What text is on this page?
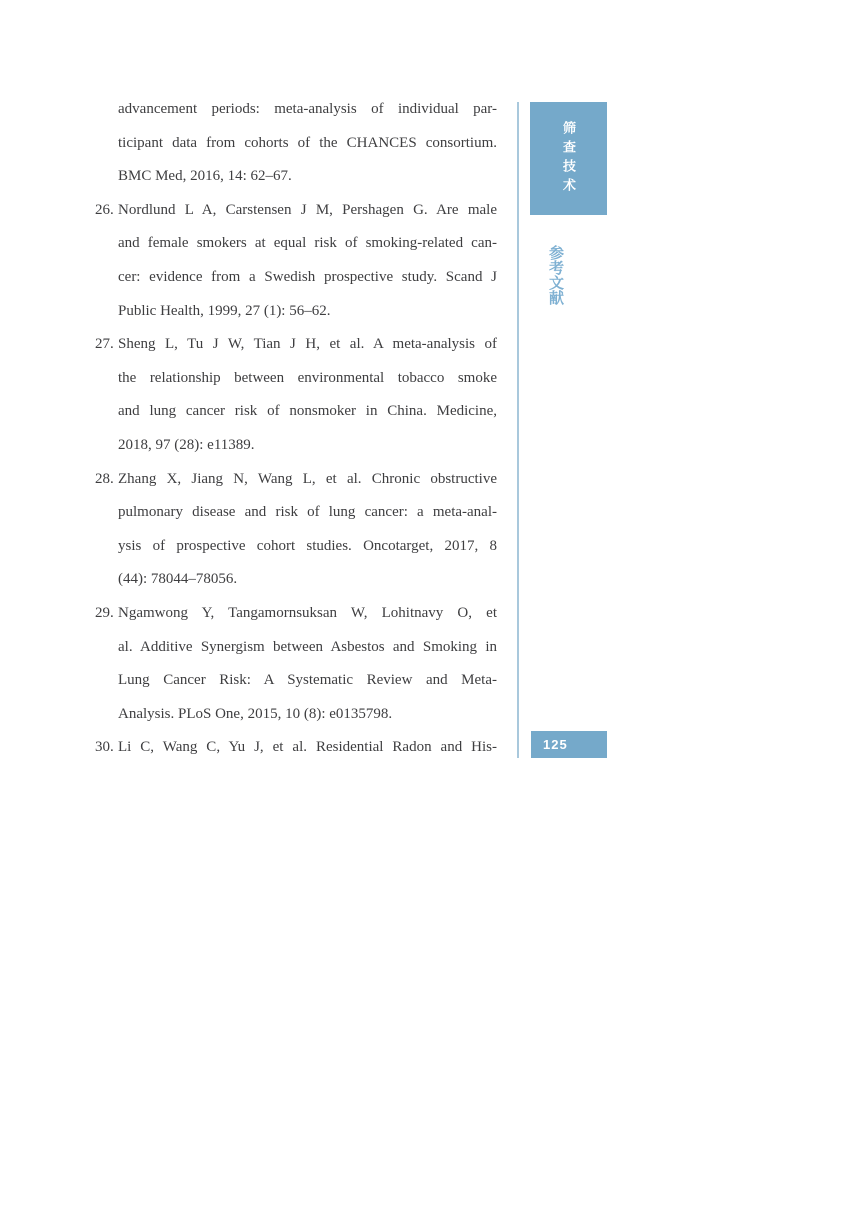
advancement periods: meta-analysis of individual par-
ticipant data from cohorts of the CHANCES consortium.
BMC Med, 2016, 14: 62–67.
26. Nordlund L A, Carstensen J M, Pershagen G. Are male
and female smokers at equal risk of smoking-related can-
cer: evidence from a Swedish prospective study. Scand J
Public Health, 1999, 27 (1): 56–62.
27. Sheng L, Tu J W, Tian J H, et al. A meta-analysis of
the relationship between environmental tobacco smoke
and lung cancer risk of nonsmoker in China. Medicine,
2018, 97 (28): e11389.
28. Zhang X, Jiang N, Wang L, et al. Chronic obstructive
pulmonary disease and risk of lung cancer: a meta-anal-
ysis of prospective cohort studies. Oncotarget, 2017, 8
(44): 78044–78056.
29. Ngamwong Y, Tangamornsuksan W, Lohitnavy O, et
al. Additive Synergism between Asbestos and Smoking in
Lung Cancer Risk: A Systematic Review and Meta-
Analysis. PLoS One, 2015, 10 (8): e0135798.
30. Li C, Wang C, Yu J, et al. Residential Radon and His-
筛查技术
参考文献
125
